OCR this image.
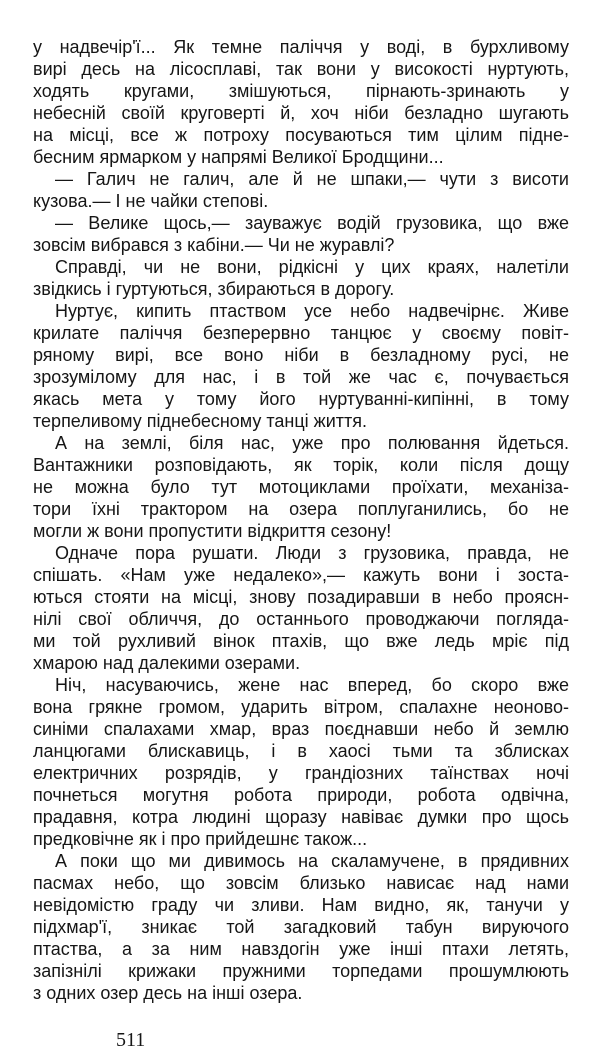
у надвечір'ї... Як темне паліччя у воді, в бурхливому
вирі десь на лісосплаві, так вони у високості нуртують,
ходять кругами, змішуються, пірнають-зринають у
небесній своїй круговерті й, хоч ніби безладно шугають
на місці, все ж потроху посуваються тим цілим підне-
бесним ярмарком у напрямі Великої Бродщини...
— Галич не галич, але й не шпаки,— чути з висоти
кузова.— І не чайки степові.
— Велике щось,— зауважує водій грузовика, що вже
зовсім вибрався з кабіни.— Чи не журавлі?
Справді, чи не вони, рідкісні у цих краях, налетіли
звідкись і гуртуються, збираються в дорогу.
Нуртує, кипить птаством усе небо надвечірнє. Живе
крилате паліччя безперервно танцює у своєму повіт-
ряному вирі, все воно ніби в безладному русі, не
зрозумілому для нас, і в той же час є, почувається
якась мета у тому його нуртуванні-кипінні, в тому
терпеливому піднебесному танці життя.
А на землі, біля нас, уже про полювання йдеться.
Вантажники розповідають, як торік, коли після дощу
не можна було тут мотоциклами проїхати, механіза-
тори їхні трактором на озера поплуганились, бо не
могли ж вони пропустити відкриття сезону!
Одначе пора рушати. Люди з грузовика, правда, не
спішать. «Нам уже недалеко»,— кажуть вони і зоста-
ються стояти на місці, знову позадиравши в небо проясн-
нілі свої обличчя, до останнього проводжаючи погляда-
ми той рухливий вінок птахів, що вже ледь мріє під
хмарою над далекими озерами.
Ніч, насуваючись, жене нас вперед, бо скоро вже
вона грякне громом, ударить вітром, спалахне неоново-
синіми спалахами хмар, враз поєднавши небо й землю
ланцюгами блискавиць, і в хаосі тьми та зблисках
електричних розрядів, у грандіозних таїнствах ночі
почнеться могутня робота природи, робота одвічна,
прадавня, котра людині щоразу навіває думки про щось
предковічне як і про прийдешнє також...
А поки що ми дивимось на скаламучене, в прядивних
пасмах небо, що зовсім близько нависає над нами
невідомістю граду чи зливи. Нам видно, як, танучи у
підхмар'ї, зникає той загадковий табун вируючого
птаства, а за ним навздогін уже інші птахи летять,
запізнілі крижаки пружними торпедами прошумлюють
з одних озер десь на інші озера.
511
